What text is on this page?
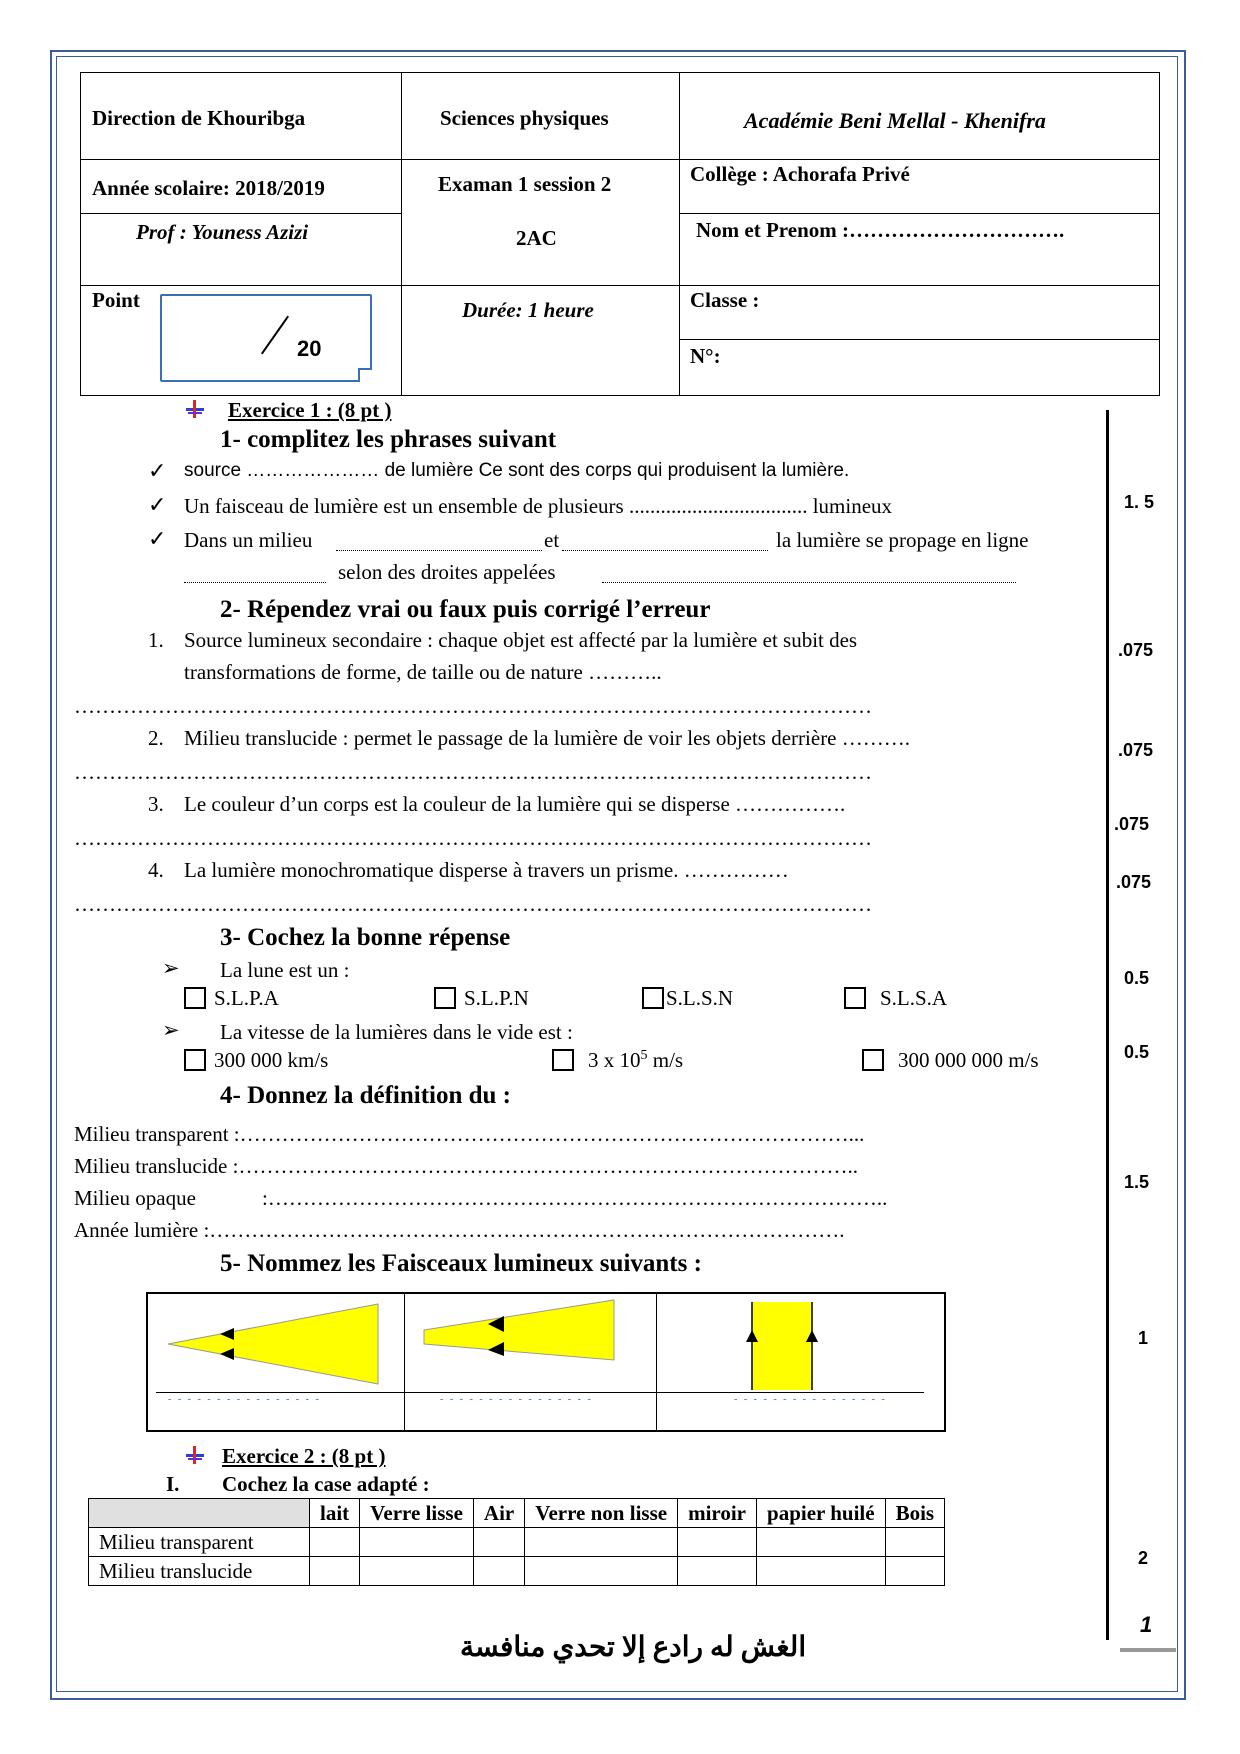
Direction de Khouribga	Sciences physiques	Académie Beni Mellal - Khenifra
Année scolaire: 2018/2019	Examan 1 session 2	Collège : Achorafa Privé
Prof : Youness Azizi	2AC	Nom et Prenom :………………………….
Point	Durée: 1 heure	Classe :
N°:
20
Exercice 1 : (8 pt )
1- complitez les phrases suivant
✓ source ………………… de lumière Ce sont des corps qui produisent la lumière.
✓ Un faisceau de lumière est un ensemble de plusieurs .................................. lumineux
✓ Dans un milieu	et	la lumière se propage en ligne
selon des droites appelées
1. 5
2- Répendez vrai ou faux puis corrigé l’erreur
1. Source lumineux secondaire : chaque objet est affecté par la lumière et subit des
transformations de forme, de taille ou de nature ………..
……………………………………………………………………………………………………
.075
2. Milieu translucide : permet le passage de la lumière de voir les objets derrière ……….
……………………………………………………………………………………………………
.075
3. Le couleur d’un corps est la couleur de la lumière qui se disperse …………….
……………………………………………………………………………………………………
.075
4. La lumière monochromatique disperse à travers un prisme. ……………
……………………………………………………………………………………………………
.075
3- Cochez la bonne répense
➢ La lune est un :
S.L.P.A	S.L.P.N	S.L.S.N	S.L.S.A
0.5
➢ La vitesse de la lumières dans le vide est :
300 000 km/s	3 x $10^5$ m/s	300 000 000 m/s	0.5
4- Donnez la définition du :
Milieu transparent :……………………………………………………………………………...
Milieu translucide :……………………………………………………………………………..
Milieu opaque	:……………………………………………………………………………..
Année lumière :……………………………………………………………………………….
1.5
5- Nommez les Faisceaux lumineux suivants :
- - - - - - - - - - - - - - - -	- - - - - - - - - - - - - - - -	- - - - - - - - - - - - - - - -
1
Exercice 2 : (8 pt )
I. Cochez la case adapté :
	lait	Verre lisse	Air	Verre non lisse	miroir	papier huilé	Bois
Milieu transparent							
Milieu translucide							
2
الغش له رادع إلا تحدي منافسة
1
